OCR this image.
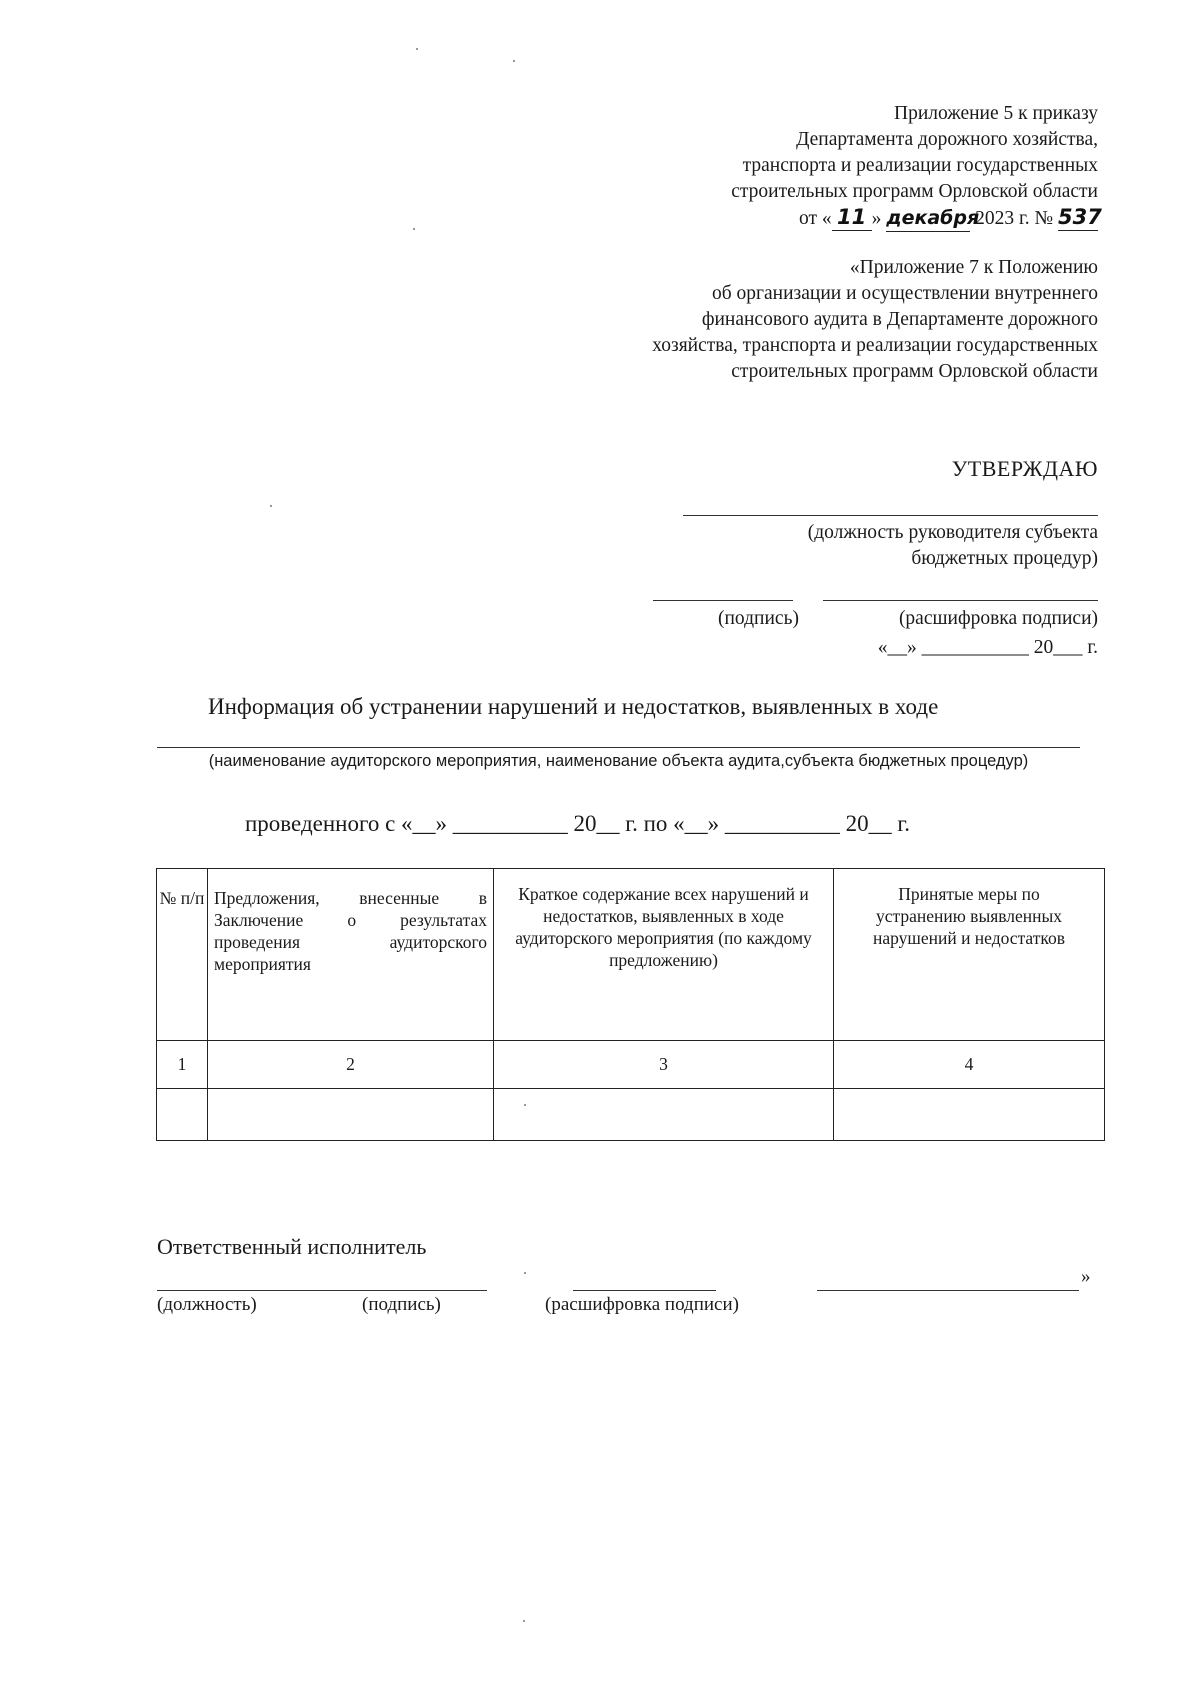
Приложение 5 к приказу
Департамента дорожного хозяйства,
транспорта и реализации государственных
строительных программ Орловской области
от « 11 » декабря 2023 г. № 537
«Приложение 7 к Положению
об организации и осуществлении внутреннего
финансового аудита в Департаменте дорожного
хозяйства, транспорта и реализации государственных
строительных программ Орловской области
УТВЕРЖДАЮ
(должность руководителя субъекта
бюджетных процедур)
(подпись)	(расшифровка подписи)
«__» ___________ 20___ г.
Информация об устранении нарушений и недостатков, выявленных в ходе
(наименование аудиторского мероприятия, наименование объекта аудита,субъекта бюджетных процедур)
проведенного с «__» __________ 20__ г. по «__» __________ 20__ г.
№ п/п	Предложения, внесенные в Заключение о результатах проведения аудиторского мероприятия	Краткое содержание всех нарушений и недостатков, выявленных в ходе аудиторского мероприятия (по каждому предложению)	Принятые меры по устранению выявленных нарушений и недостатков
1	2	3	4

Ответственный исполнитель
»
(должность)	(подпись)	(расшифровка подписи)
